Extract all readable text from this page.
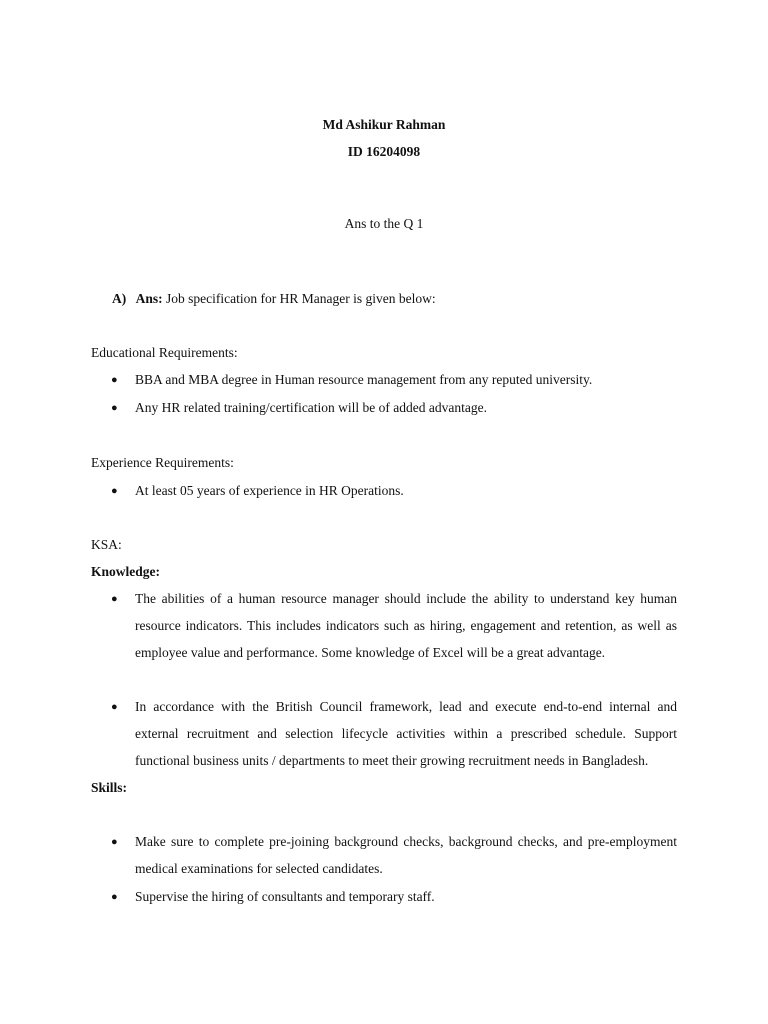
Md Ashikur Rahman
ID 16204098
Ans to the Q 1
A) Ans: Job specification for HR Manager is given below:
Educational Requirements:
● BBA and MBA degree in Human resource management from any reputed university.
● Any HR related training/certification will be of added advantage.
Experience Requirements:
● At least 05 years of experience in HR Operations.
KSA:
Knowledge:
● The abilities of a human resource manager should include the ability to understand key human resource indicators. This includes indicators such as hiring, engagement and retention, as well as employee value and performance. Some knowledge of Excel will be a great advantage.
● In accordance with the British Council framework, lead and execute end-to-end internal and external recruitment and selection lifecycle activities within a prescribed schedule. Support functional business units / departments to meet their growing recruitment needs in Bangladesh.
Skills:
● Make sure to complete pre-joining background checks, background checks, and pre-employment medical examinations for selected candidates.
● Supervise the hiring of consultants and temporary staff.
